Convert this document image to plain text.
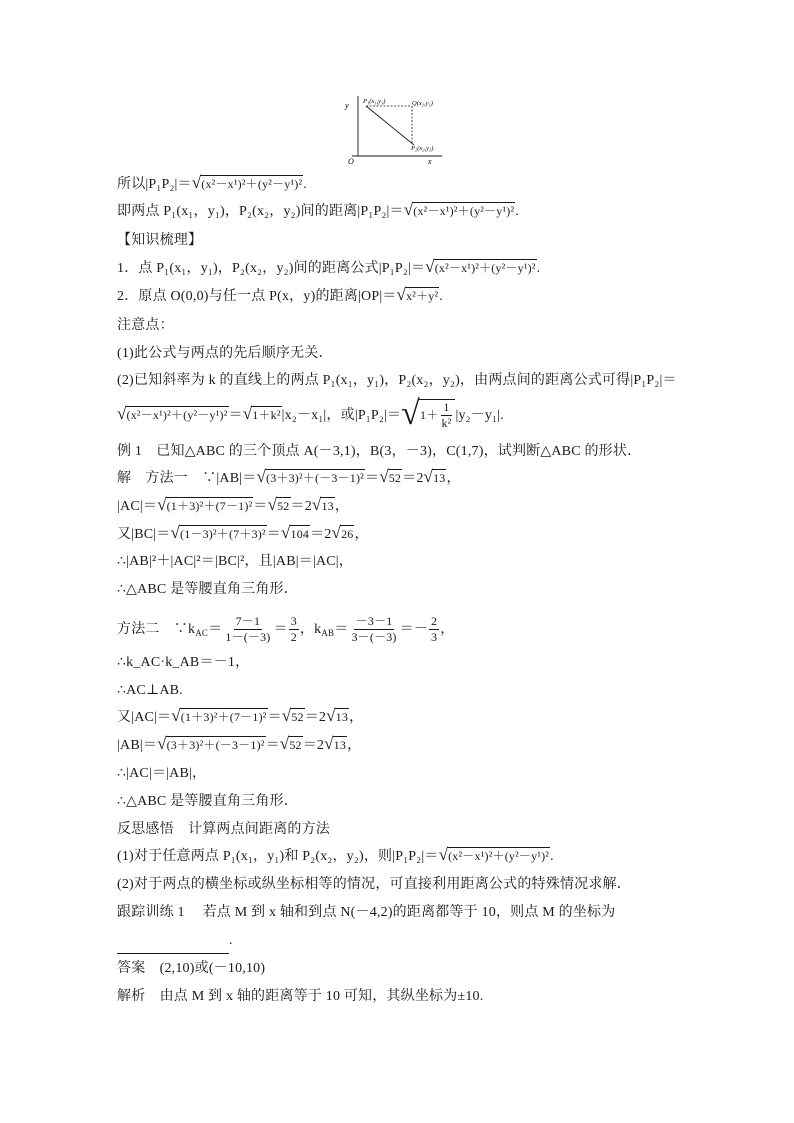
y
x
O
P₁(x₁,y₁)	Q(x₂,y₁)
P₂(x₂,y₂)
所以|P₁P₂|＝ √ (x²－x¹)²＋(y²－y¹)² .
即两点 P₁(x₁，y₁)，P₂(x₂，y₂)间的距离|P₁P₂|＝ √ (x²－x¹)²＋(y²－y¹)² .
【知识梳理】
1．点 P₁(x₁，y₁)，P₂(x₂，y₂)间的距离公式|P₁P₂|＝ √ (x²－x¹)²＋(y²－y¹)² .
2．原点 O(0,0)与任一点 P(x，y)的距离|OP|＝ √ x²＋y² .
注意点：
(1)此公式与两点的先后顺序无关．
(2)已知斜率为 k 的直线上的两点 P₁(x₁，y₁)，P₂(x₂，y₂)，由两点间的距离公式可得|P₁P₂|＝
√ (x²－x¹)²＋(y²－y¹)² ＝ √ 1＋k² |x₂－x₁|，或|P₁P₂|＝ √ $1+ \frac{1}{\text{k²}} |y_2-y_1|$.
例 1　已知△ABC 的三个顶点 A(－3,1)，B(3，－3)，C(1,7)，试判断△ABC 的形状．
解　方法一　∵|AB|＝ √ (3＋3)²＋(－3－1)² ＝ √ 52 ＝2 √ 13 ，
|AC|＝ √ (1＋3)²＋(7－1)² ＝ √ 52 ＝2 √ 13 ，
又|BC|＝ √ (1－3)²＋(7＋3)² ＝ √ 104 ＝2 √ 26 ，
∴|AB|²＋|AC|²＝|BC|²，且|AB|＝|AC|，
∴△ABC 是等腰直角三角形．
方法二　$\because k_{AC}= \frac{7-1}{1-(-3)} = \frac{3}{2}$ ，$k_{AB}= \frac{-3-1}{3-(-3)} =- \frac{2}{3}$ ，
∴k_AC·k_AB＝－1，
∴AC⊥AB.
又|AC|＝ √ (1＋3)²＋(7－1)² ＝ √ 52 ＝2 √ 13 ，
|AB|＝ √ (3＋3)²＋(－3－1)² ＝ √ 52 ＝2 √ 13 ，
∴|AC|＝|AB|，
∴△ABC 是等腰直角三角形．
反思感悟　计算两点间距离的方法
(1)对于任意两点 P₁(x₁，y₁)和 P₂(x₂，y₂)，则|P₁P₂|＝ √ (x²－x¹)²＋(y²－y¹)² .
(2)对于两点的横坐标或纵坐标相等的情况，可直接利用距离公式的特殊情况求解．
跟踪训练 1　 若点 M 到 x 轴和到点 N(－4,2)的距离都等于 10，则点 M 的坐标为
.
答案　(2,10)或(－10,10)
解析　由点 M 到 x 轴的距离等于 10 可知，其纵坐标为±10.
